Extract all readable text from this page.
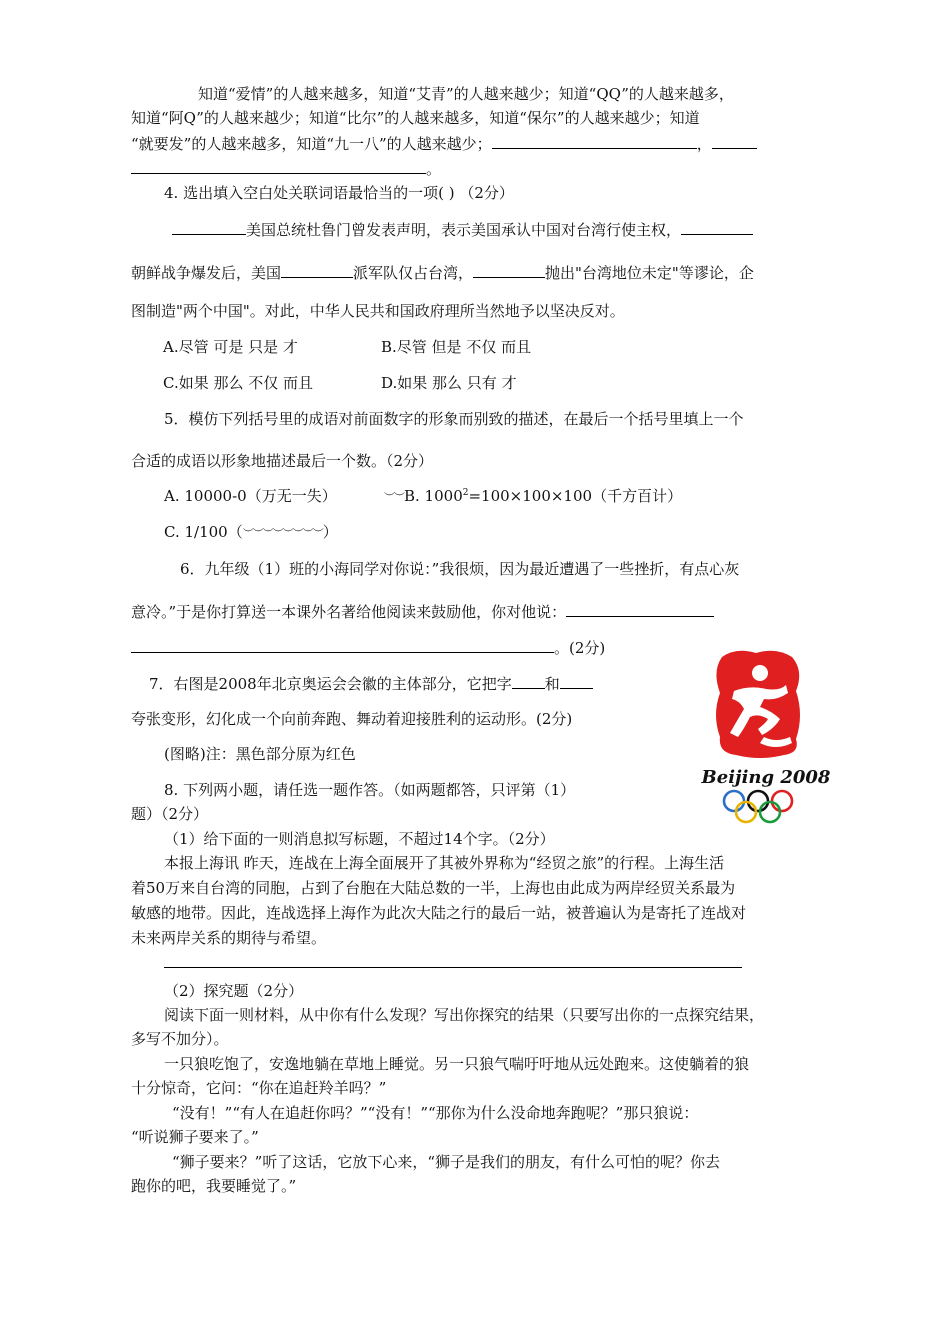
知道“爱情”的人越来越多，知道“艾青”的人越来越少；知道“QQ”的人越来越多，
知道“阿Q”的人越来越少；知道“比尔”的人越来越多，知道“保尔”的人越来越少；知道
“就要发”的人越来越多，知道“九一八”的人越来越少；	，
。
4. 选出填入空白处关联词语最恰当的一项( ) （2分）
美国总统杜鲁门曾发表声明，表示美国承认中国对台湾行使主权，
朝鲜战争爆发后，美国	派军队仅占台湾，	抛出"台湾地位未定"等谬论，企
图制造"两个中国"。对此，中华人民共和国政府理所当然地予以坚决反对。
A.尽管 可是 只是 才	B.尽管 但是 不仅 而且
C.如果 那么 不仅 而且	D.如果 那么 只有 才
5．模仿下列括号里的成语对前面数字的形象而别致的描述，在最后一个括号里填上一个
合适的成语以形象地描述最后一个数。（2分）
A. 10000-0（万无一失）	︶︶B. $1000^2=100\times 100\times 100$（千方百计）
C. 1/100（︶︶︶︶︶︶︶︶）
6．九年级（1）班的小海同学对你说：”我很烦，因为最近遭遇了一些挫折，有点心灰
意冷。”于是你打算送一本课外名著给他阅读来鼓励他，你对他说：
。(2分)
7．右图是2008年北京奥运会会徽的主体部分，它把字 和
夸张变形，幻化成一个向前奔跑、舞动着迎接胜利的运动形。(2分)
(图略)注：黑色部分原为红色
Beijing 2008
8. 下列两小题，请任选一题作答。（如两题都答，只评第（1）
题）（2分）
（1）给下面的一则消息拟写标题，不超过14个字。（2分）
本报上海讯 昨天，连战在上海全面展开了其被外界称为“经贸之旅”的行程。上海生活
着50万来自台湾的同胞，占到了台胞在大陆总数的一半，上海也由此成为两岸经贸关系最为
敏感的地带。因此，连战选择上海作为此次大陆之行的最后一站，被普遍认为是寄托了连战对
未来两岸关系的期待与希望。
（2）探究题（2分）
阅读下面一则材料，从中你有什么发现？写出你探究的结果（只要写出你的一点探究结果，
多写不加分）。
一只狼吃饱了，安逸地躺在草地上睡觉。另一只狼气喘吁吁地从远处跑来。这使躺着的狼
十分惊奇，它问：“你在追赶羚羊吗？”
“没有！”“有人在追赶你吗？”“没有！”“那你为什么没命地奔跑呢？”那只狼说：
“听说狮子要来了。”
“狮子要来？”听了这话，它放下心来，“狮子是我们的朋友，有什么可怕的呢？你去
跑你的吧，我要睡觉了。”
